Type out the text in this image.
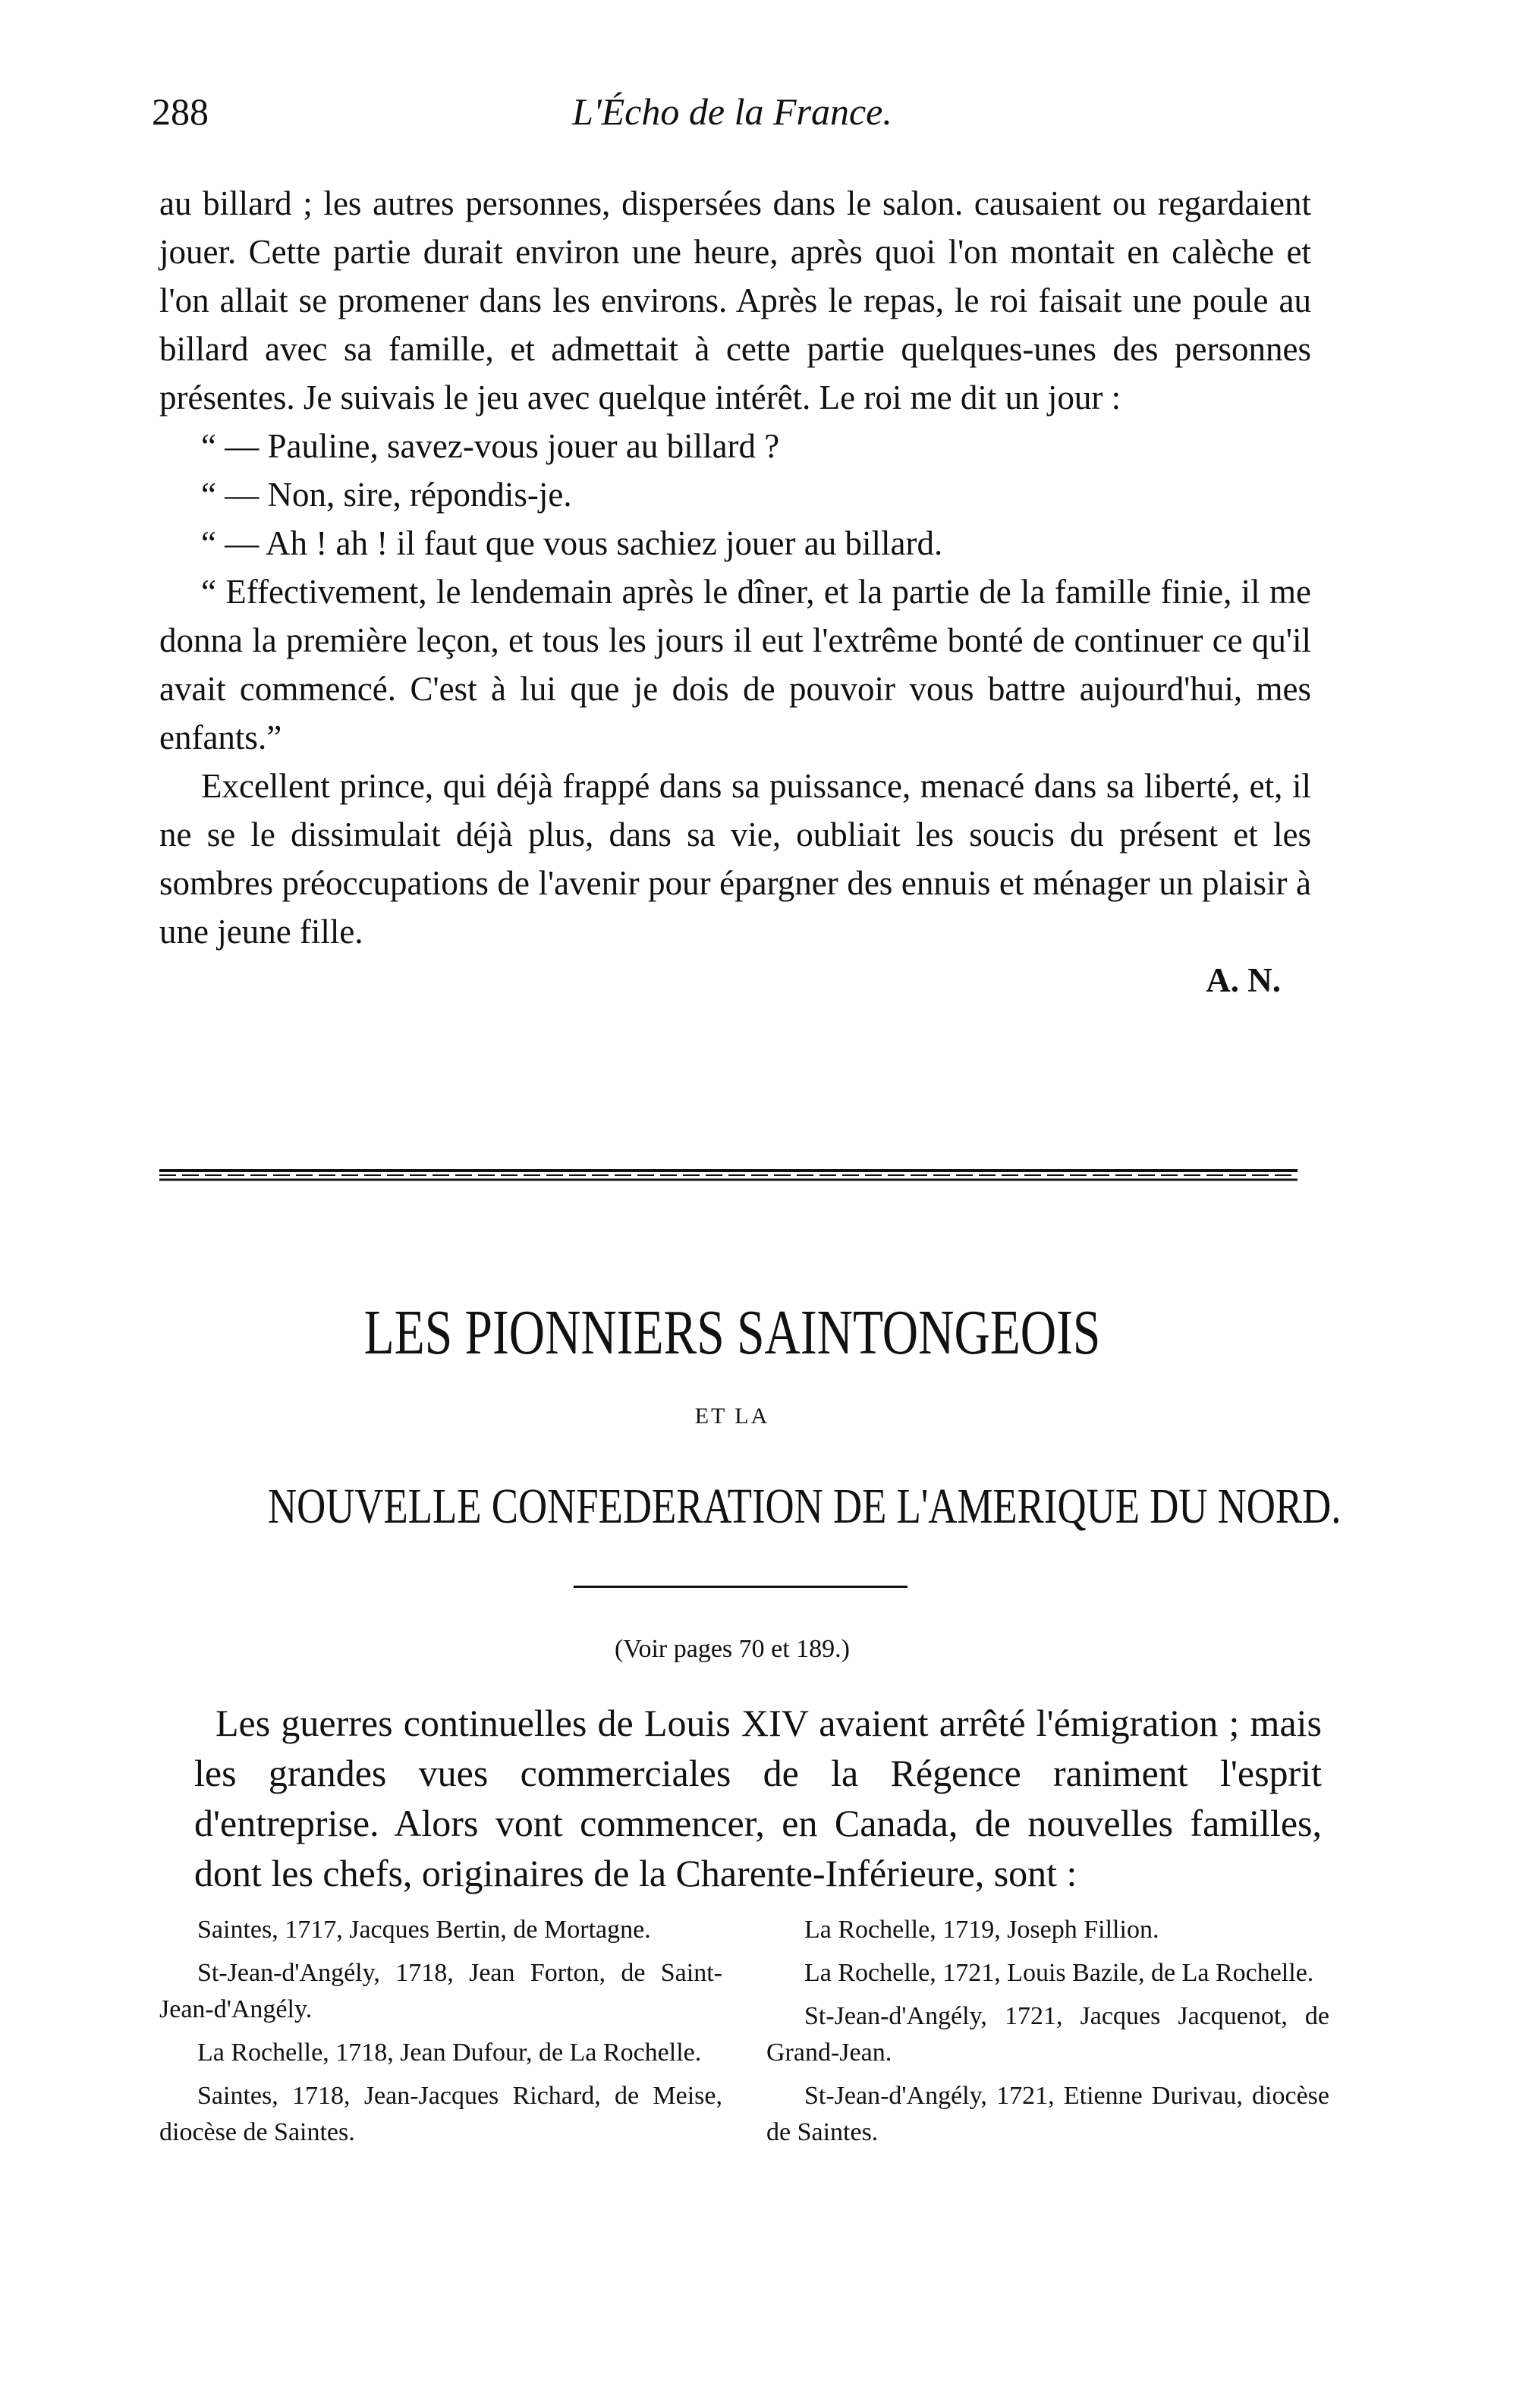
288	L'Écho de la France.

au billard ; les autres personnes, dispersées dans le salon. causaient ou regardaient jouer. Cette partie durait environ une heure, après quoi l'on montait en calèche et l'on allait se promener dans les environs. Après le repas, le roi faisait une poule au billard avec sa famille, et admettait à cette partie quelques-unes des personnes présentes. Je suivais le jeu avec quelque intérêt. Le roi me dit un jour :

“ — Pauline, savez-vous jouer au billard ?

“ — Non, sire, répondis-je.

“ — Ah ! ah ! il faut que vous sachiez jouer au billard.

“ Effectivement, le lendemain après le dîner, et la partie de la famille finie, il me donna la première leçon, et tous les jours il eut l'extrême bonté de continuer ce qu'il avait commencé. C'est à lui que je dois de pouvoir vous battre aujourd'hui, mes enfants.”

Excellent prince, qui déjà frappé dans sa puissance, menacé dans sa liberté, et, il ne se le dissimulait déjà plus, dans sa vie, oubliait les soucis du présent et les sombres préoccupations de l'avenir pour épargner des ennuis et ménager un plaisir à une jeune fille.

A. N.

LES PIONNIERS SAINTONGEOIS
ET LA
NOUVELLE CONFEDERATION DE L'AMERIQUE DU NORD.
(Voir pages 70 et 189.)

Les guerres continuelles de Louis XIV avaient arrêté l'émigration ; mais les grandes vues commerciales de la Régence raniment l'esprit d'entreprise. Alors vont commencer, en Canada, de nouvelles familles, dont les chefs, originaires de la Charente-Inférieure, sont :

Saintes, 1717, Jacques Bertin, de Mortagne.

St-Jean-d'Angély, 1718, Jean Forton, de Saint-Jean-d'Angély.

La Rochelle, 1718, Jean Dufour, de La Rochelle.

Saintes, 1718, Jean-Jacques Richard, de Meise, diocèse de Saintes.

La Rochelle, 1719, Joseph Fillion.

La Rochelle, 1721, Louis Bazile, de La Rochelle.

St-Jean-d'Angély, 1721, Jacques Jacquenot, de Grand-Jean.

St-Jean-d'Angély, 1721, Etienne Durivau, diocèse de Saintes.
